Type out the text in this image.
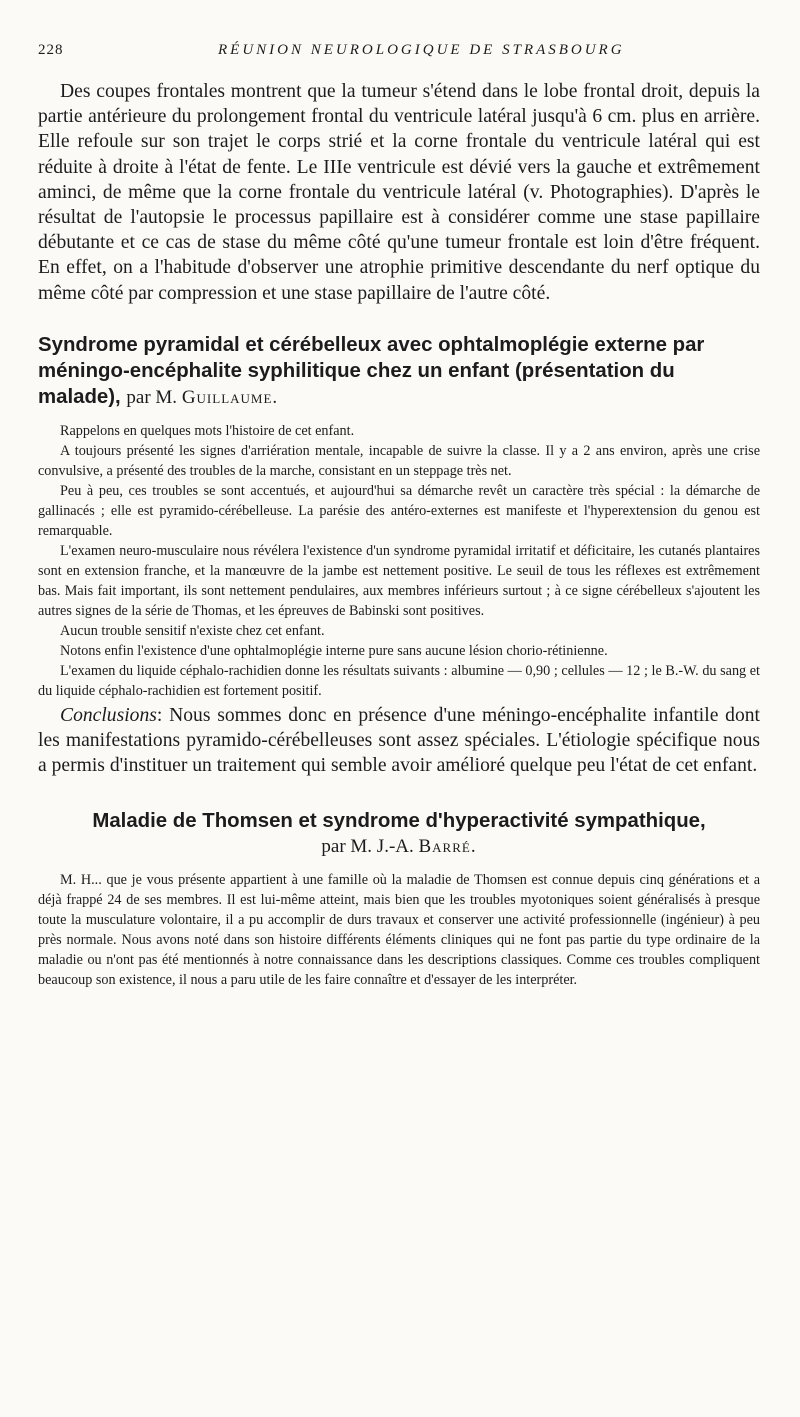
228	RÉUNION NEUROLOGIQUE DE STRASBOURG

Des coupes frontales montrent que la tumeur s'étend dans le lobe frontal droit, depuis la partie antérieure du prolongement frontal du ventricule latéral jusqu'à 6 cm. plus en arrière. Elle refoule sur son trajet le corps strié et la corne frontale du ventricule latéral qui est réduite à droite à l'état de fente. Le IIIe ventricule est dévié vers la gauche et extrêmement aminci, de même que la corne frontale du ventricule latéral (v. Photographies). D'après le résultat de l'autopsie le processus papillaire est à considérer comme une stase papillaire débutante et ce cas de stase du même côté qu'une tumeur frontale est loin d'être fréquent. En effet, on a l'habitude d'observer une atrophie primitive descendante du nerf optique du même côté par compression et une stase papillaire de l'autre côté.

Syndrome pyramidal et cérébelleux avec ophtalmoplégie externe par méningo-encéphalite syphilitique chez un enfant (présentation du malade), par M. Guillaume.

Rappelons en quelques mots l'histoire de cet enfant.

A toujours présenté les signes d'arriération mentale, incapable de suivre la classe. Il y a 2 ans environ, après une crise convulsive, a présenté des troubles de la marche, consistant en un steppage très net.

Peu à peu, ces troubles se sont accentués, et aujourd'hui sa démarche revêt un caractère très spécial : la démarche de gallinacés ; elle est pyramido-cérébelleuse. La parésie des antéro-externes est manifeste et l'hyperextension du genou est remarquable.

L'examen neuro-musculaire nous révélera l'existence d'un syndrome pyramidal irritatif et déficitaire, les cutanés plantaires sont en extension franche, et la manœuvre de la jambe est nettement positive. Le seuil de tous les réflexes est extrêmement bas. Mais fait important, ils sont nettement pendulaires, aux membres inférieurs surtout ; à ce signe cérébelleux s'ajoutent les autres signes de la série de Thomas, et les épreuves de Babinski sont positives.

Aucun trouble sensitif n'existe chez cet enfant.

Notons enfin l'existence d'une ophtalmoplégie interne pure sans aucune lésion chorio-rétinienne.

L'examen du liquide céphalo-rachidien donne les résultats suivants : albumine — 0,90 ; cellules — 12 ; le B.-W. du sang et du liquide céphalo-rachidien est fortement positif.

Conclusions: Nous sommes donc en présence d'une méningo-encéphalite infantile dont les manifestations pyramido-cérébelleuses sont assez spéciales. L'étiologie spécifique nous a permis d'instituer un traitement qui semble avoir amélioré quelque peu l'état de cet enfant.

Maladie de Thomsen et syndrome d'hyperactivité sympathique,
par M. J.-A. Barré.

M. H... que je vous présente appartient à une famille où la maladie de Thomsen est connue depuis cinq générations et a déjà frappé 24 de ses membres. Il est lui-même atteint, mais bien que les troubles myotoniques soient généralisés à presque toute la musculature volontaire, il a pu accomplir de durs travaux et conserver une activité professionnelle (ingénieur) à peu près normale. Nous avons noté dans son histoire différents éléments cliniques qui ne font pas partie du type ordinaire de la maladie ou n'ont pas été mentionnés à notre connaissance dans les descriptions classiques. Comme ces troubles compliquent beaucoup son existence, il nous a paru utile de les faire connaître et d'essayer de les interpréter.
